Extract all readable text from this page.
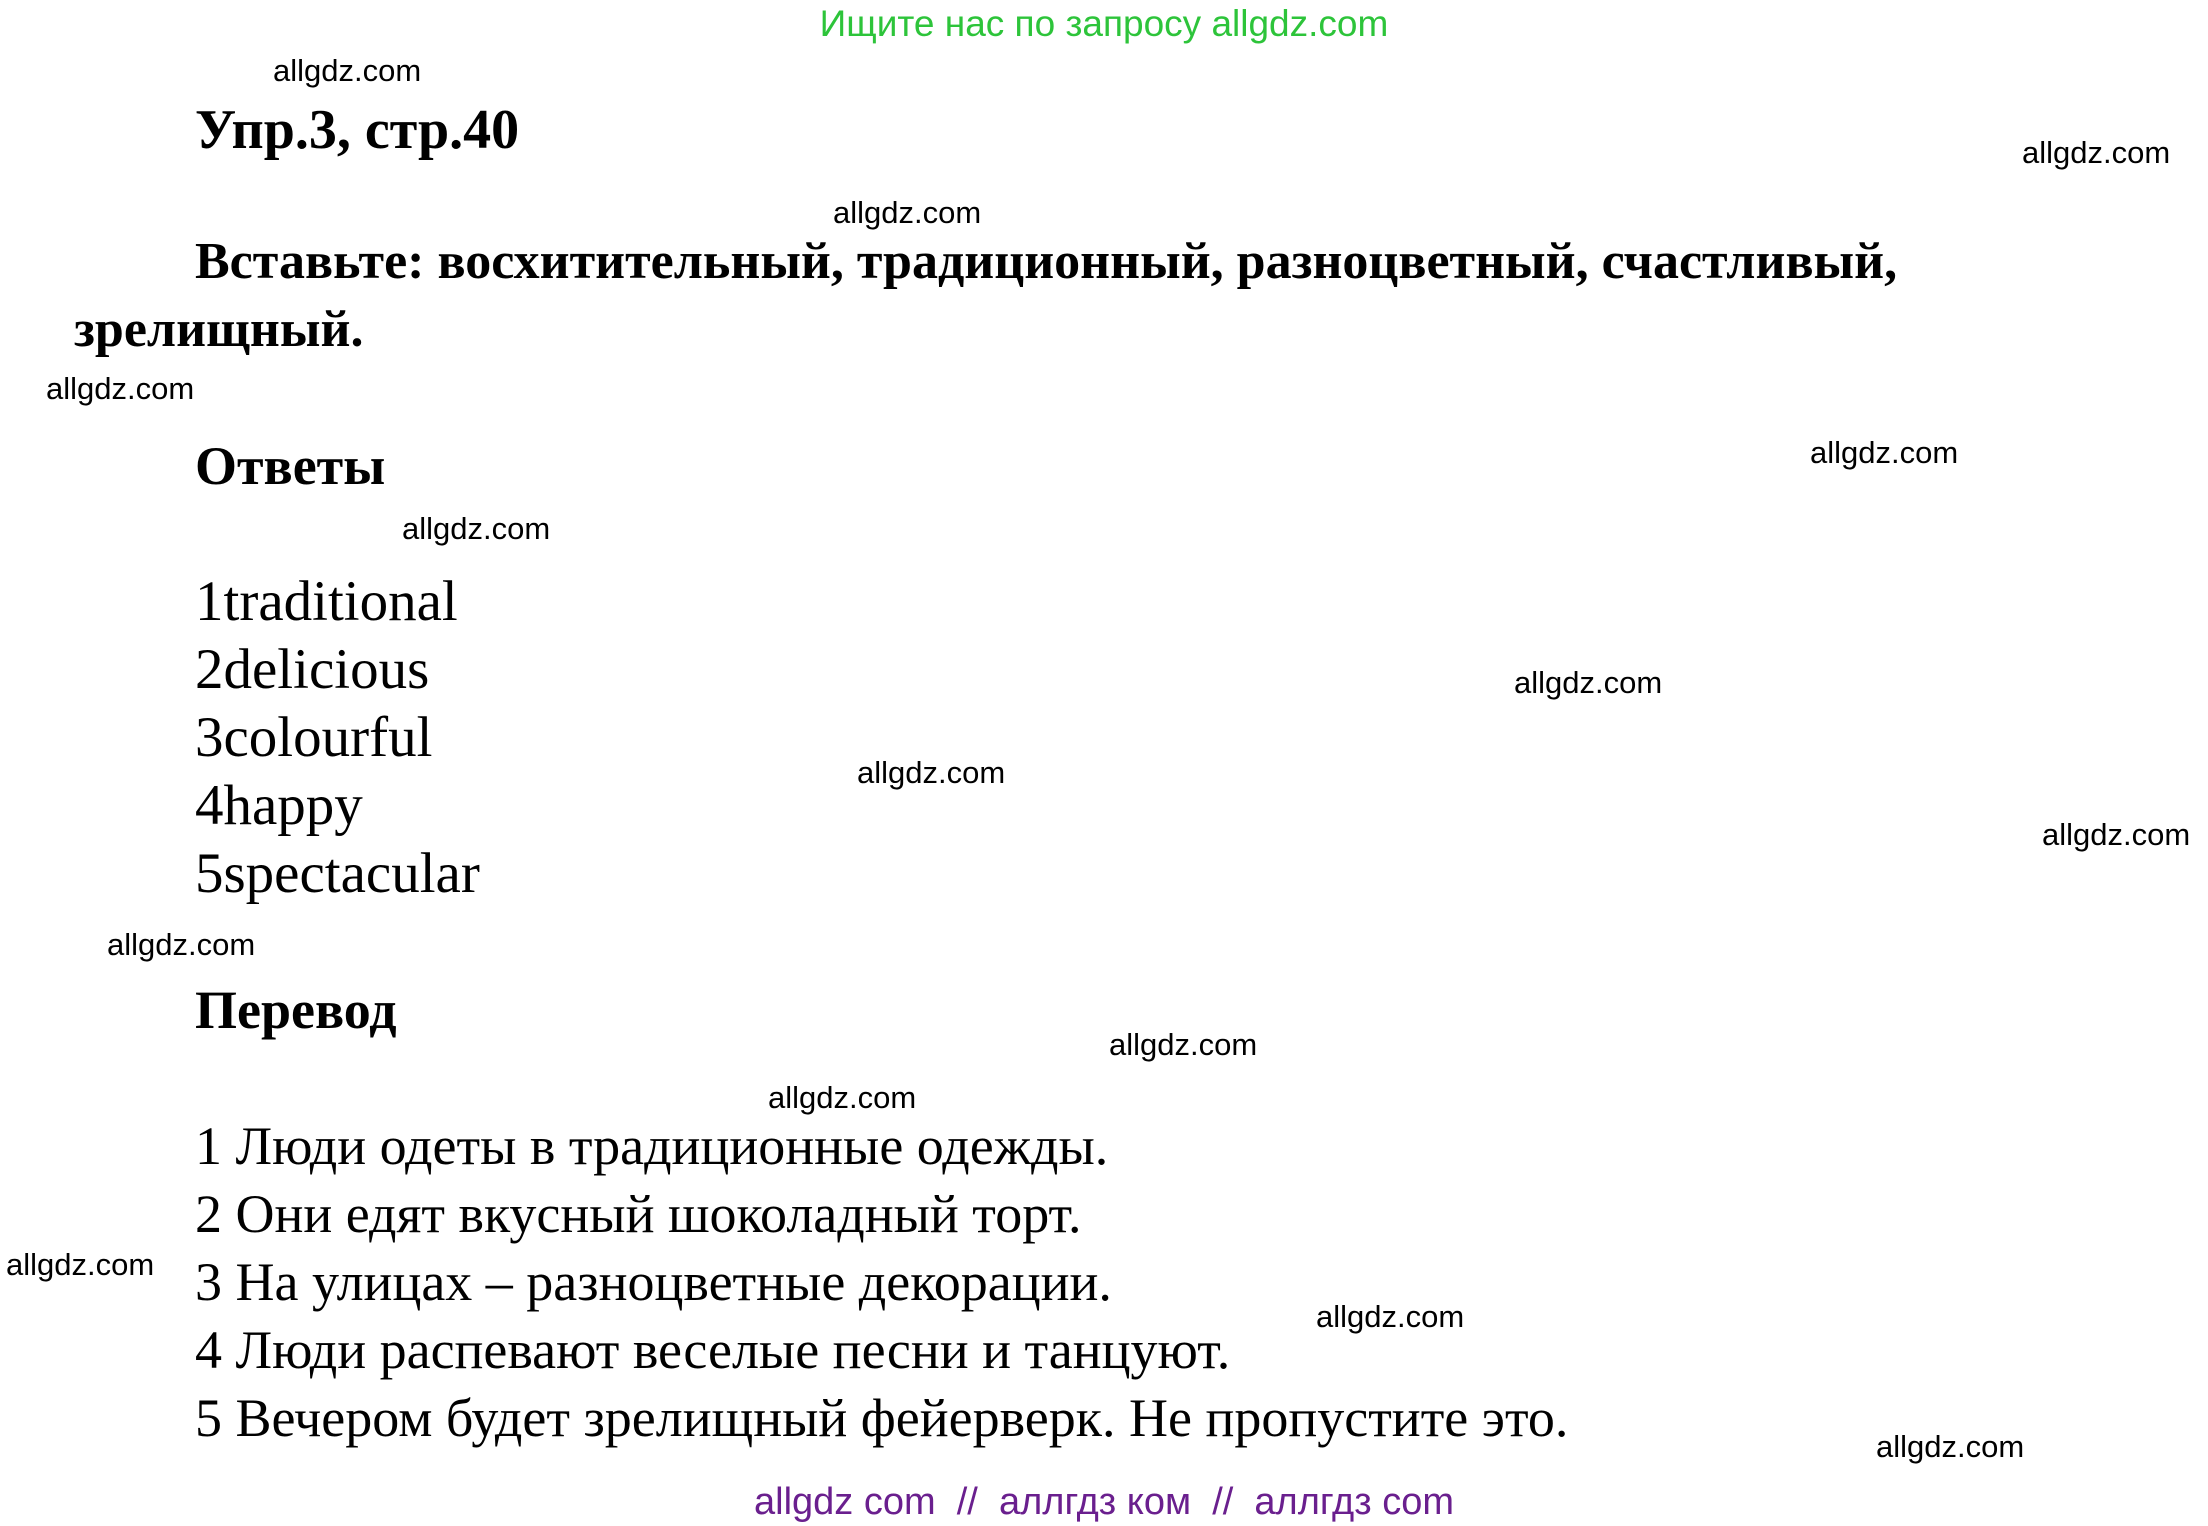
Ищите нас по запросу allgdz.com
Упр.3, стр.40
Вставьте: восхитительный, традиционный, разноцветный, счастливый, зрелищный.
Ответы
1traditional
2delicious
3colourful
4happy
5spectacular
Перевод
1 Люди одеты в традиционные одежды.
2 Они едят вкусный шоколадный торт.
3 На улицах – разноцветные декорации.
4 Люди распевают веселые песни и танцуют.
5 Вечером будет зрелищный фейерверк. Не пропустите это.
allgdz.com
allgdz.com
allgdz.com
allgdz.com
allgdz.com
allgdz.com
allgdz.com
allgdz.com
allgdz.com
allgdz.com
allgdz.com
allgdz.com
allgdz.com
allgdz.com
allgdz.com
allgdz com  //  аллгдз ком  //  аллгдз com
